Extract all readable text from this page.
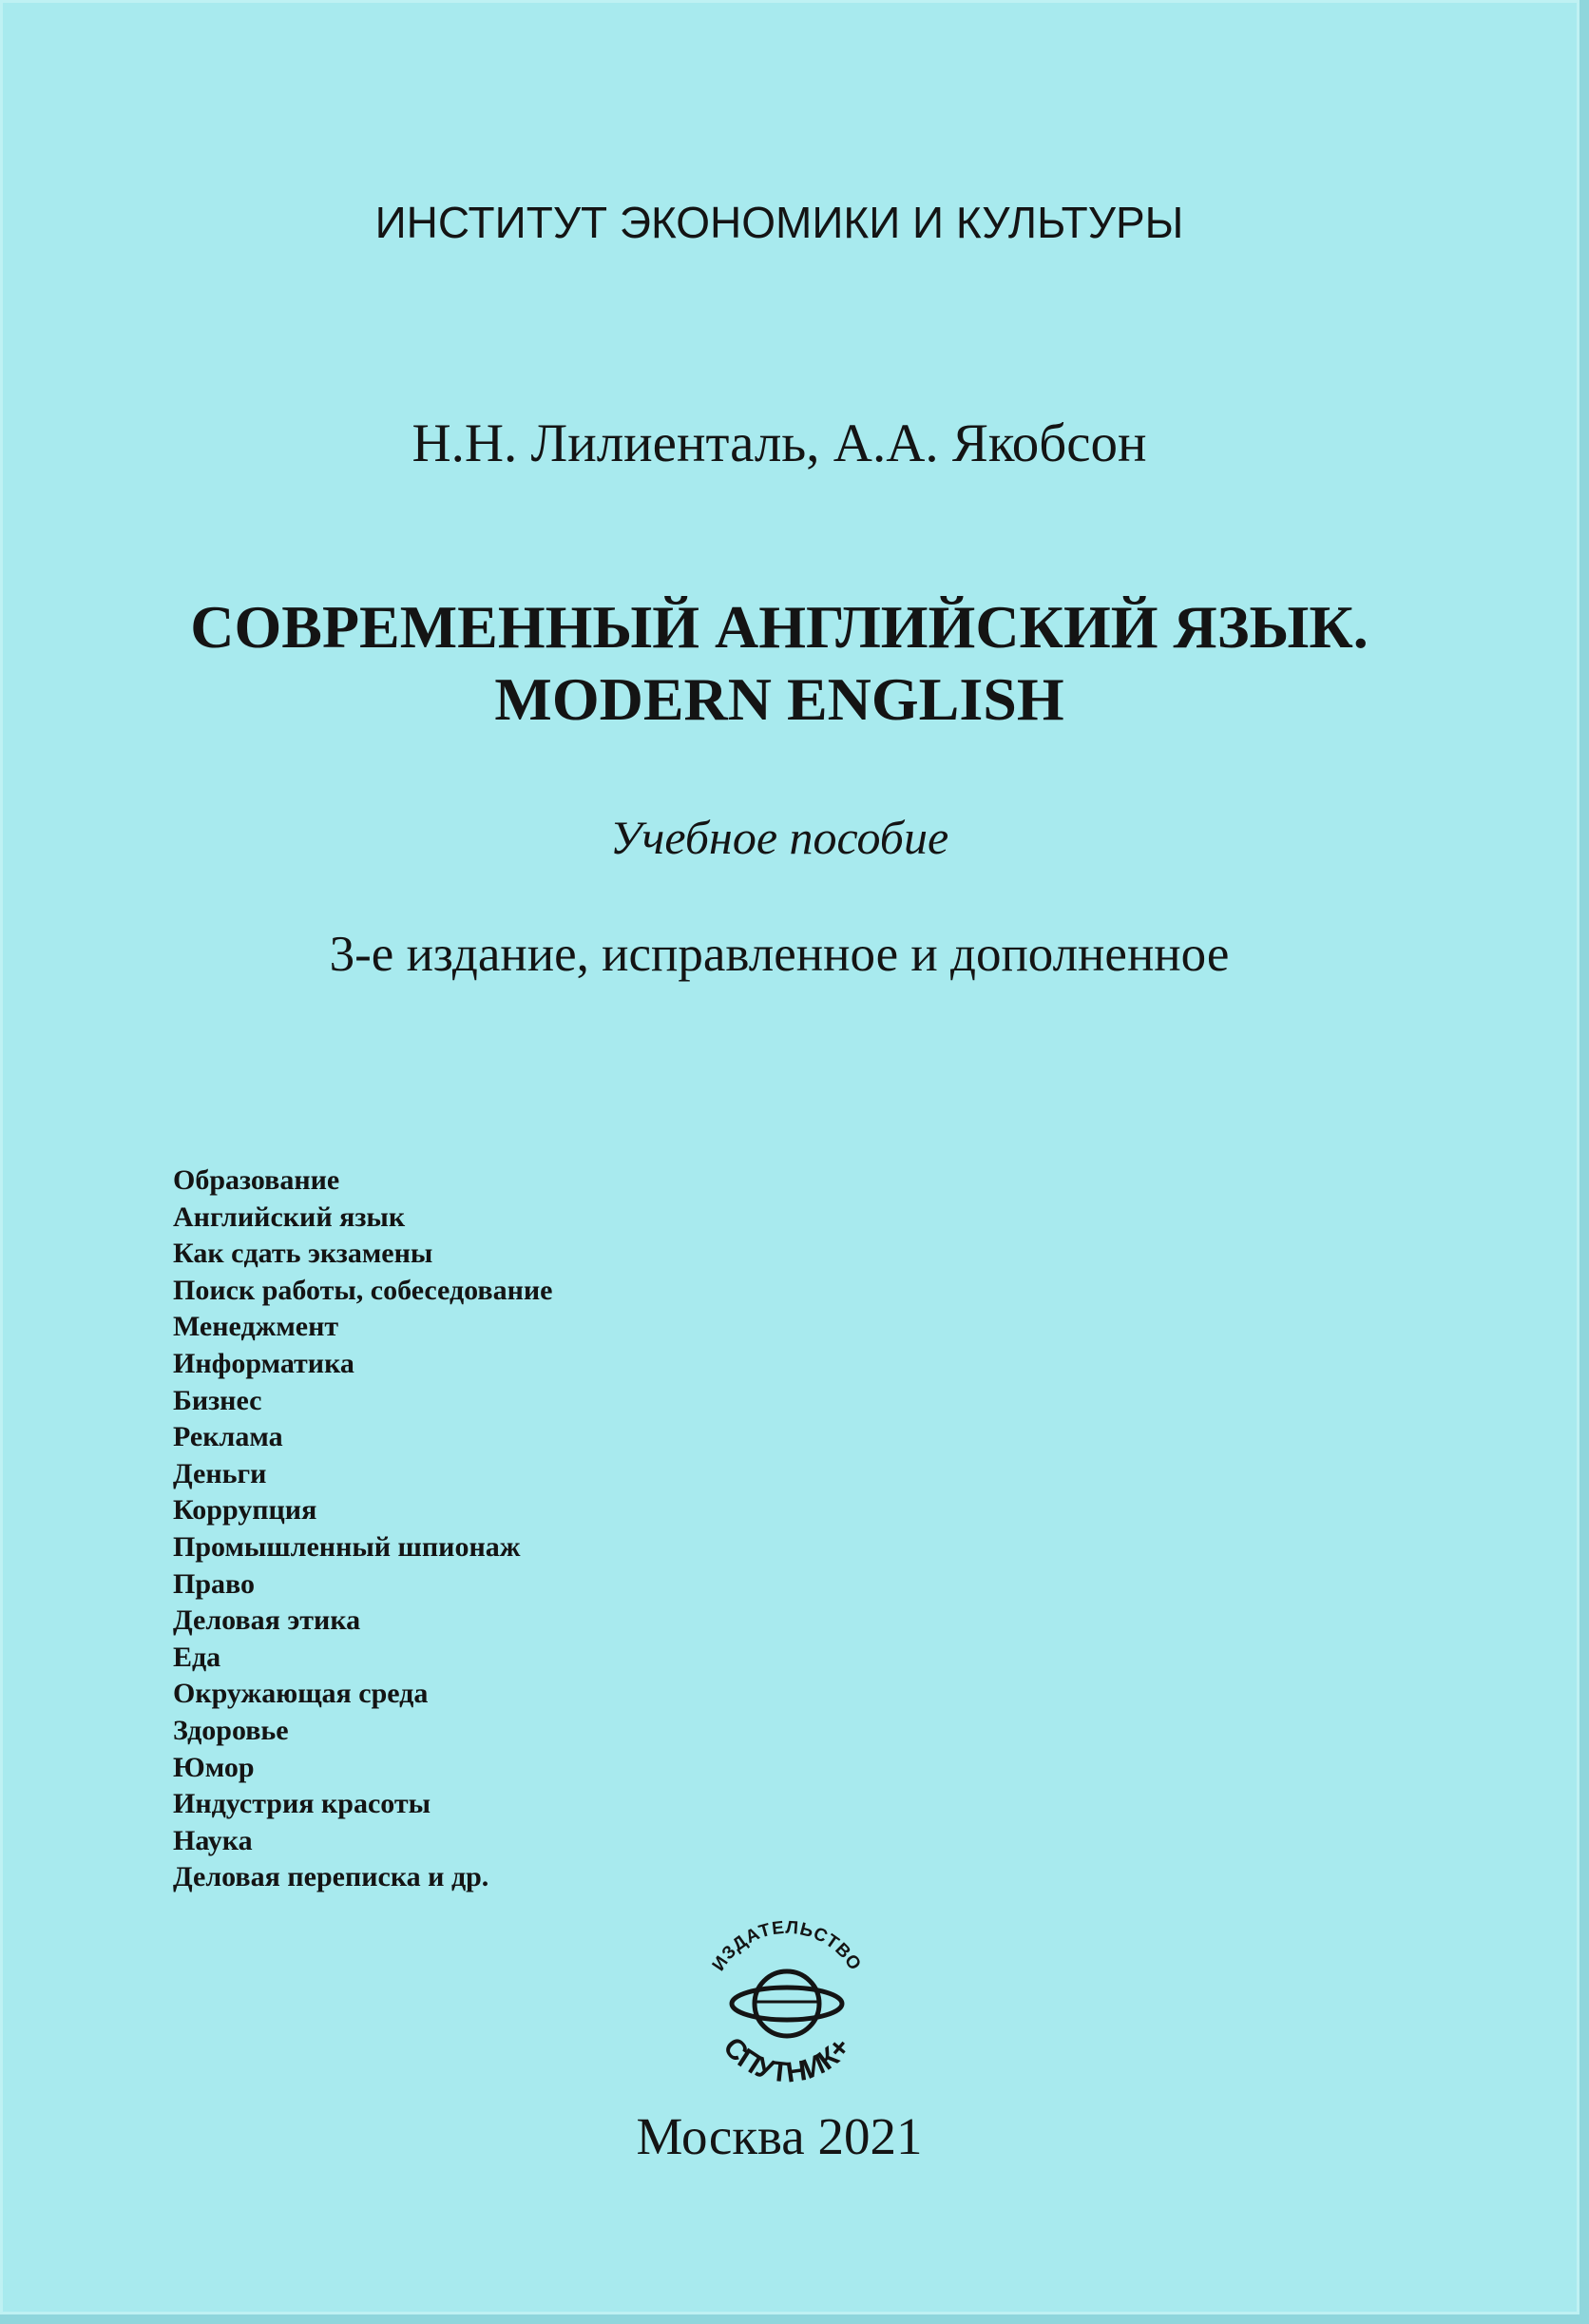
ИНСТИТУТ ЭКОНОМИКИ И КУЛЬТУРЫ
Н.Н. Лилиенталь, А.А. Якобсон
СОВРЕМЕННЫЙ АНГЛИЙСКИЙ ЯЗЫК.
MODERN ENGLISH
Учебное пособие
3-е издание, исправленное и дополненное
Образование
Английский язык
Как сдать экзамены
Поиск работы, собеседование
Менеджмент
Информатика
Бизнес
Реклама
Деньги
Коррупция
Промышленный шпионаж
Право
Деловая этика
Еда
Окружающая среда
Здоровье
Юмор
Индустрия красоты
Наука
Деловая переписка и др.
ИЗДАТЕЛЬСТВО
СПУТНИК+
Москва 2021
